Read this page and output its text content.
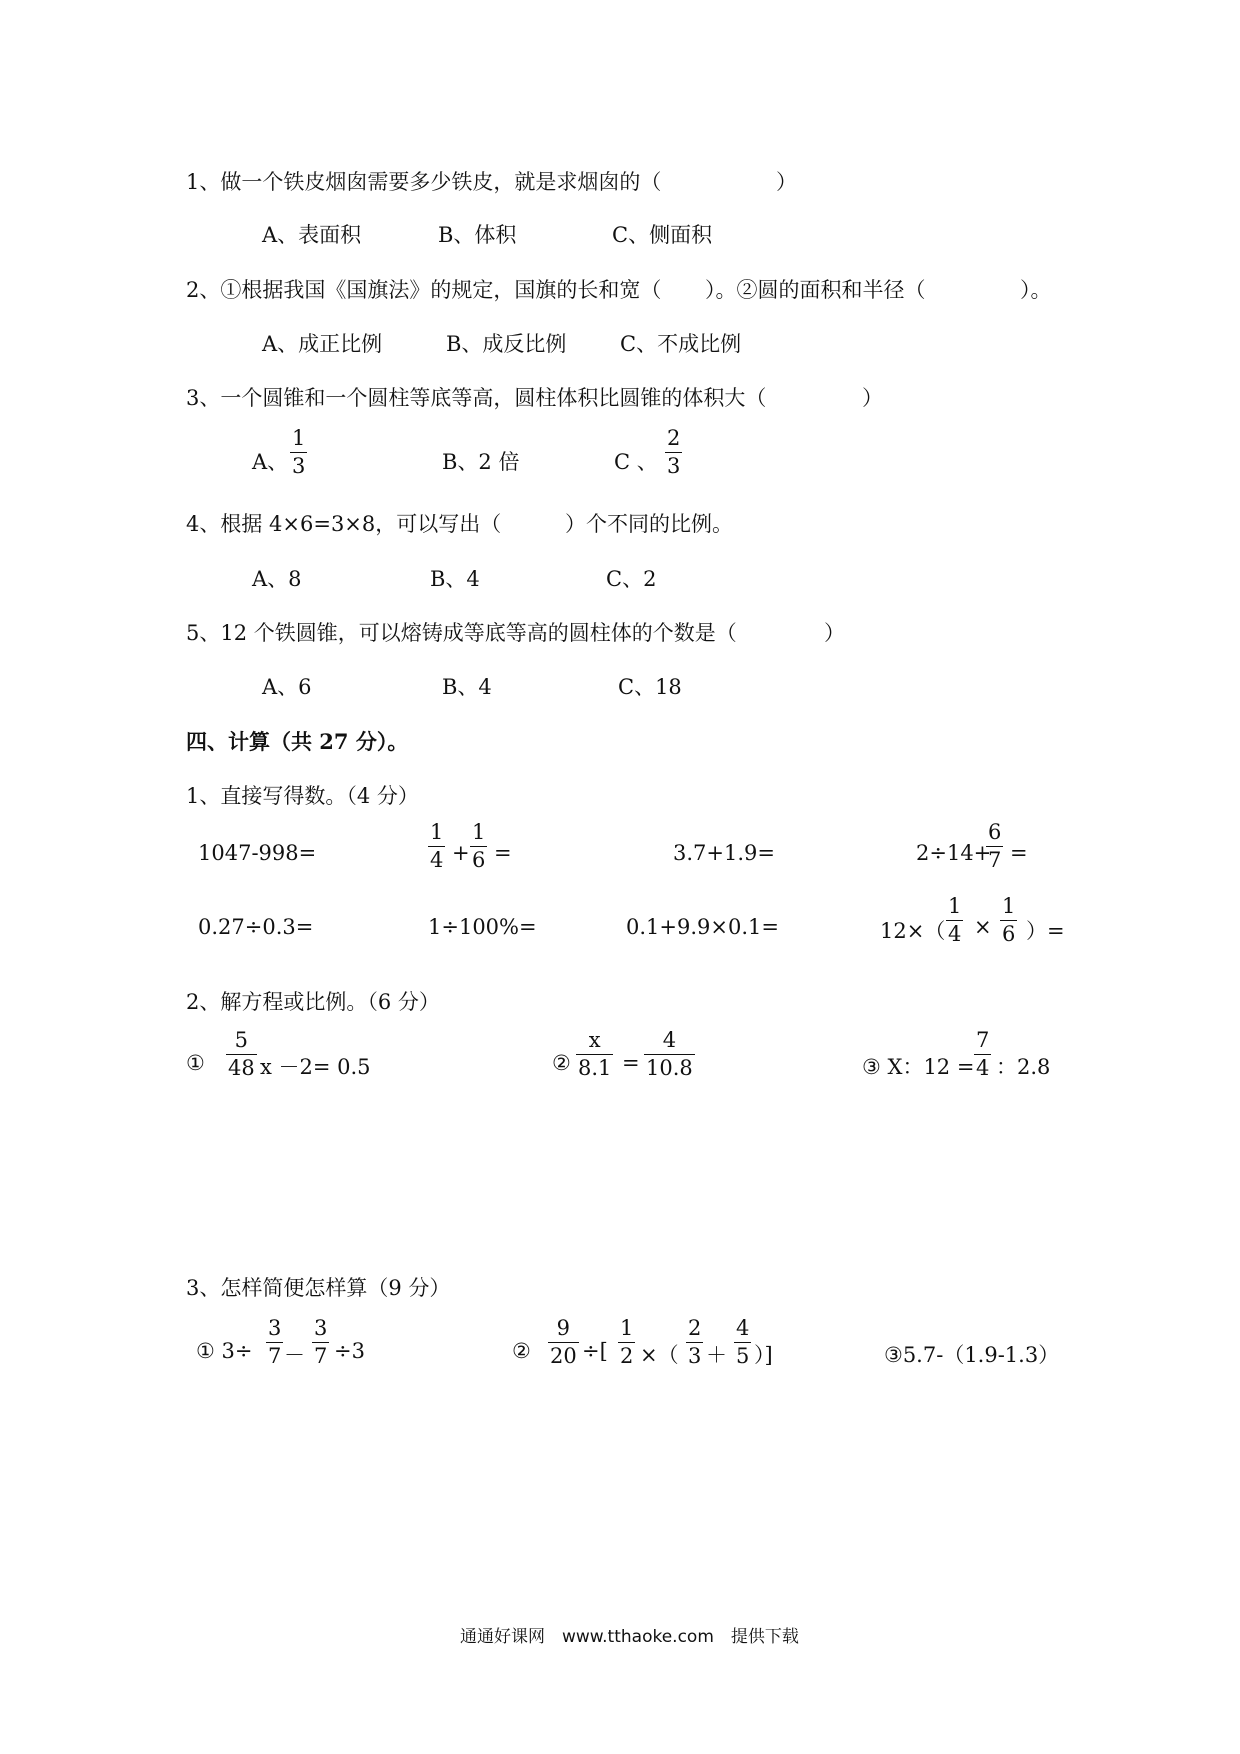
1、做一个铁皮烟囱需要多少铁皮，就是求烟囱的（	）
A、表面积	B、体积	C、侧面积
2、①根据我国《国旗法》的规定，国旗的长和宽（ ）。②圆的面积和半径（	）。
A、成正比例	B、成反比例	C、不成比例
3、一个圆锥和一个圆柱等底等高，圆柱体积比圆锥的体积大（	）
A、
1
3	B、2 倍	C 、
2
3
4、根据 4×6=3×8，可以写出（	）个不同的比例。
A、8	B、4	C、2
5、12 个铁圆锥，可以熔铸成等底等高的圆柱体的个数是（	）
A、6	B、4	C、18
四、计算（共 27 分）。
1、直接写得数。（4 分）
1047-998=
1
4 +
1
6 =	3.7+1.9=	2÷14+
6
7 =
0.27÷0.3=	1÷100%=	0.1+9.9×0.1=	12×（
1
4 ×
1
6 ）=
2、解方程或比例。（6 分）
①
5
48 x －2= 0.5	②
x
8.1 =
4
10.8	③ X：12 =
7
4 ：2.8
3、怎样简便怎样算（9 分）
① 3÷
3
7 －
3
7 ÷3	②
9
20 ÷[
1
2 ×（
2
3 ＋
4
5 ）]	③5.7-（1.9-1.3）
通通好课网　www.tthaoke.com　提供下载
